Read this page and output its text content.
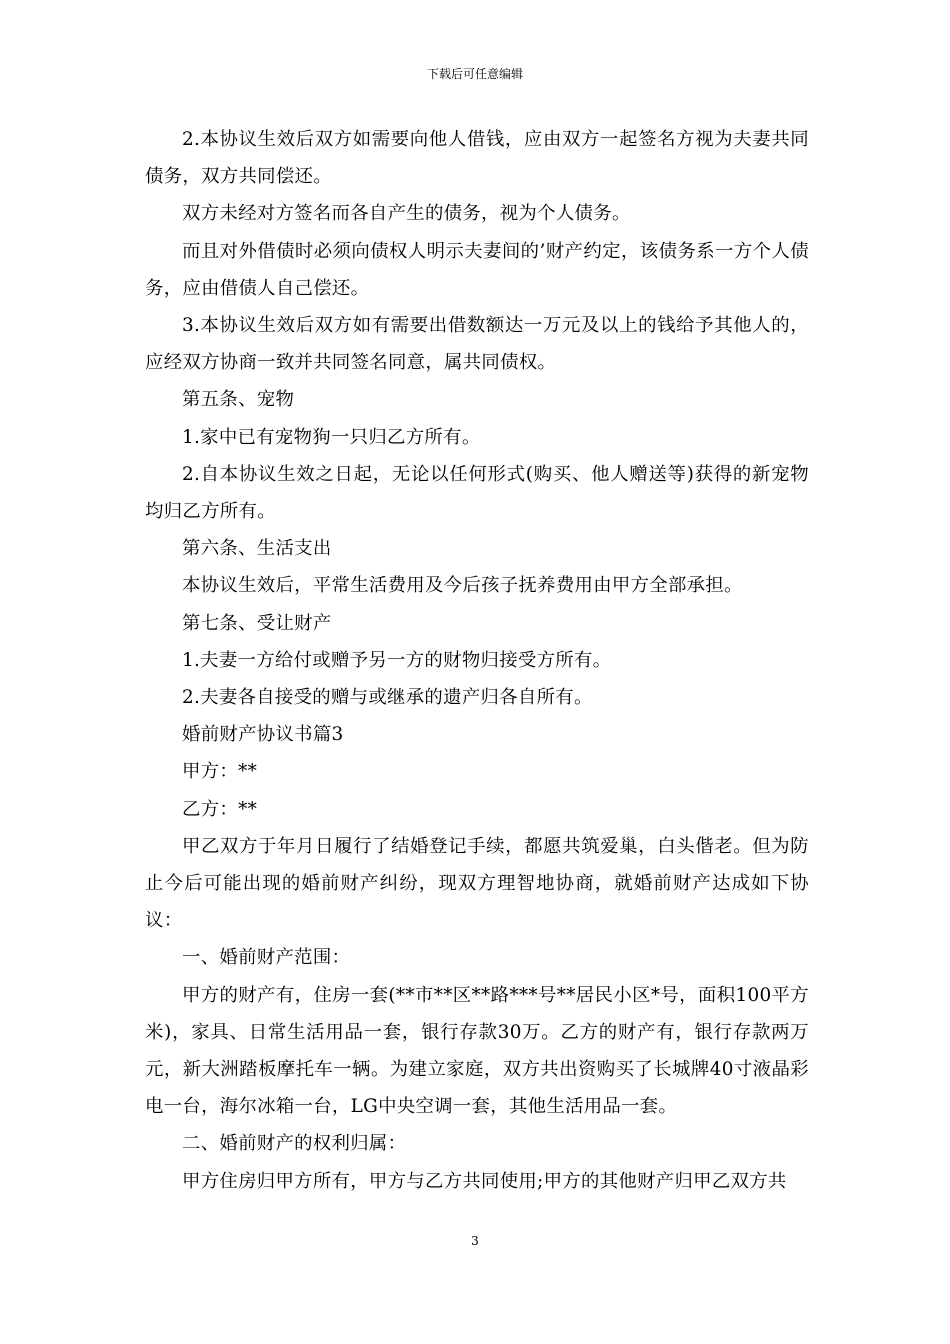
下载后可任意编辑

2.本协议生效后双方如需要向他人借钱，应由双方一起签名方视为夫妻共同债务，双方共同偿还。

双方未经对方签名而各自产生的债务，视为个人债务。

而且对外借债时必须向债权人明示夫妻间的’财产约定，该债务系一方个人债务，应由借债人自己偿还。

3.本协议生效后双方如有需要出借数额达一万元及以上的钱给予其他人的，应经双方协商一致并共同签名同意，属共同债权。

第五条、宠物

1.家中已有宠物狗一只归乙方所有。

2.自本协议生效之日起，无论以任何形式(购买、他人赠送等)获得的新宠物均归乙方所有。

第六条、生活支出

本协议生效后，平常生活费用及今后孩子抚养费用由甲方全部承担。

第七条、受让财产

1.夫妻一方给付或赠予另一方的财物归接受方所有。

2.夫妻各自接受的赠与或继承的遗产归各自所有。

婚前财产协议书篇3

甲方：**

乙方：**

甲乙双方于年月日履行了结婚登记手续，都愿共筑爱巢，白头偕老。但为防止今后可能出现的婚前财产纠纷，现双方理智地协商，就婚前财产达成如下协议：

一、婚前财产范围：

甲方的财产有，住房一套(**市**区**路***号**居民小区*号，面积100平方米)，家具、日常生活用品一套，银行存款30万。乙方的财产有，银行存款两万元，新大洲踏板摩托车一辆。为建立家庭，双方共出资购买了长城牌40寸液晶彩电一台，海尔冰箱一台，LG中央空调一套，其他生活用品一套。

二、婚前财产的权利归属：

甲方住房归甲方所有，甲方与乙方共同使用;甲方的其他财产归甲乙双方共

3
